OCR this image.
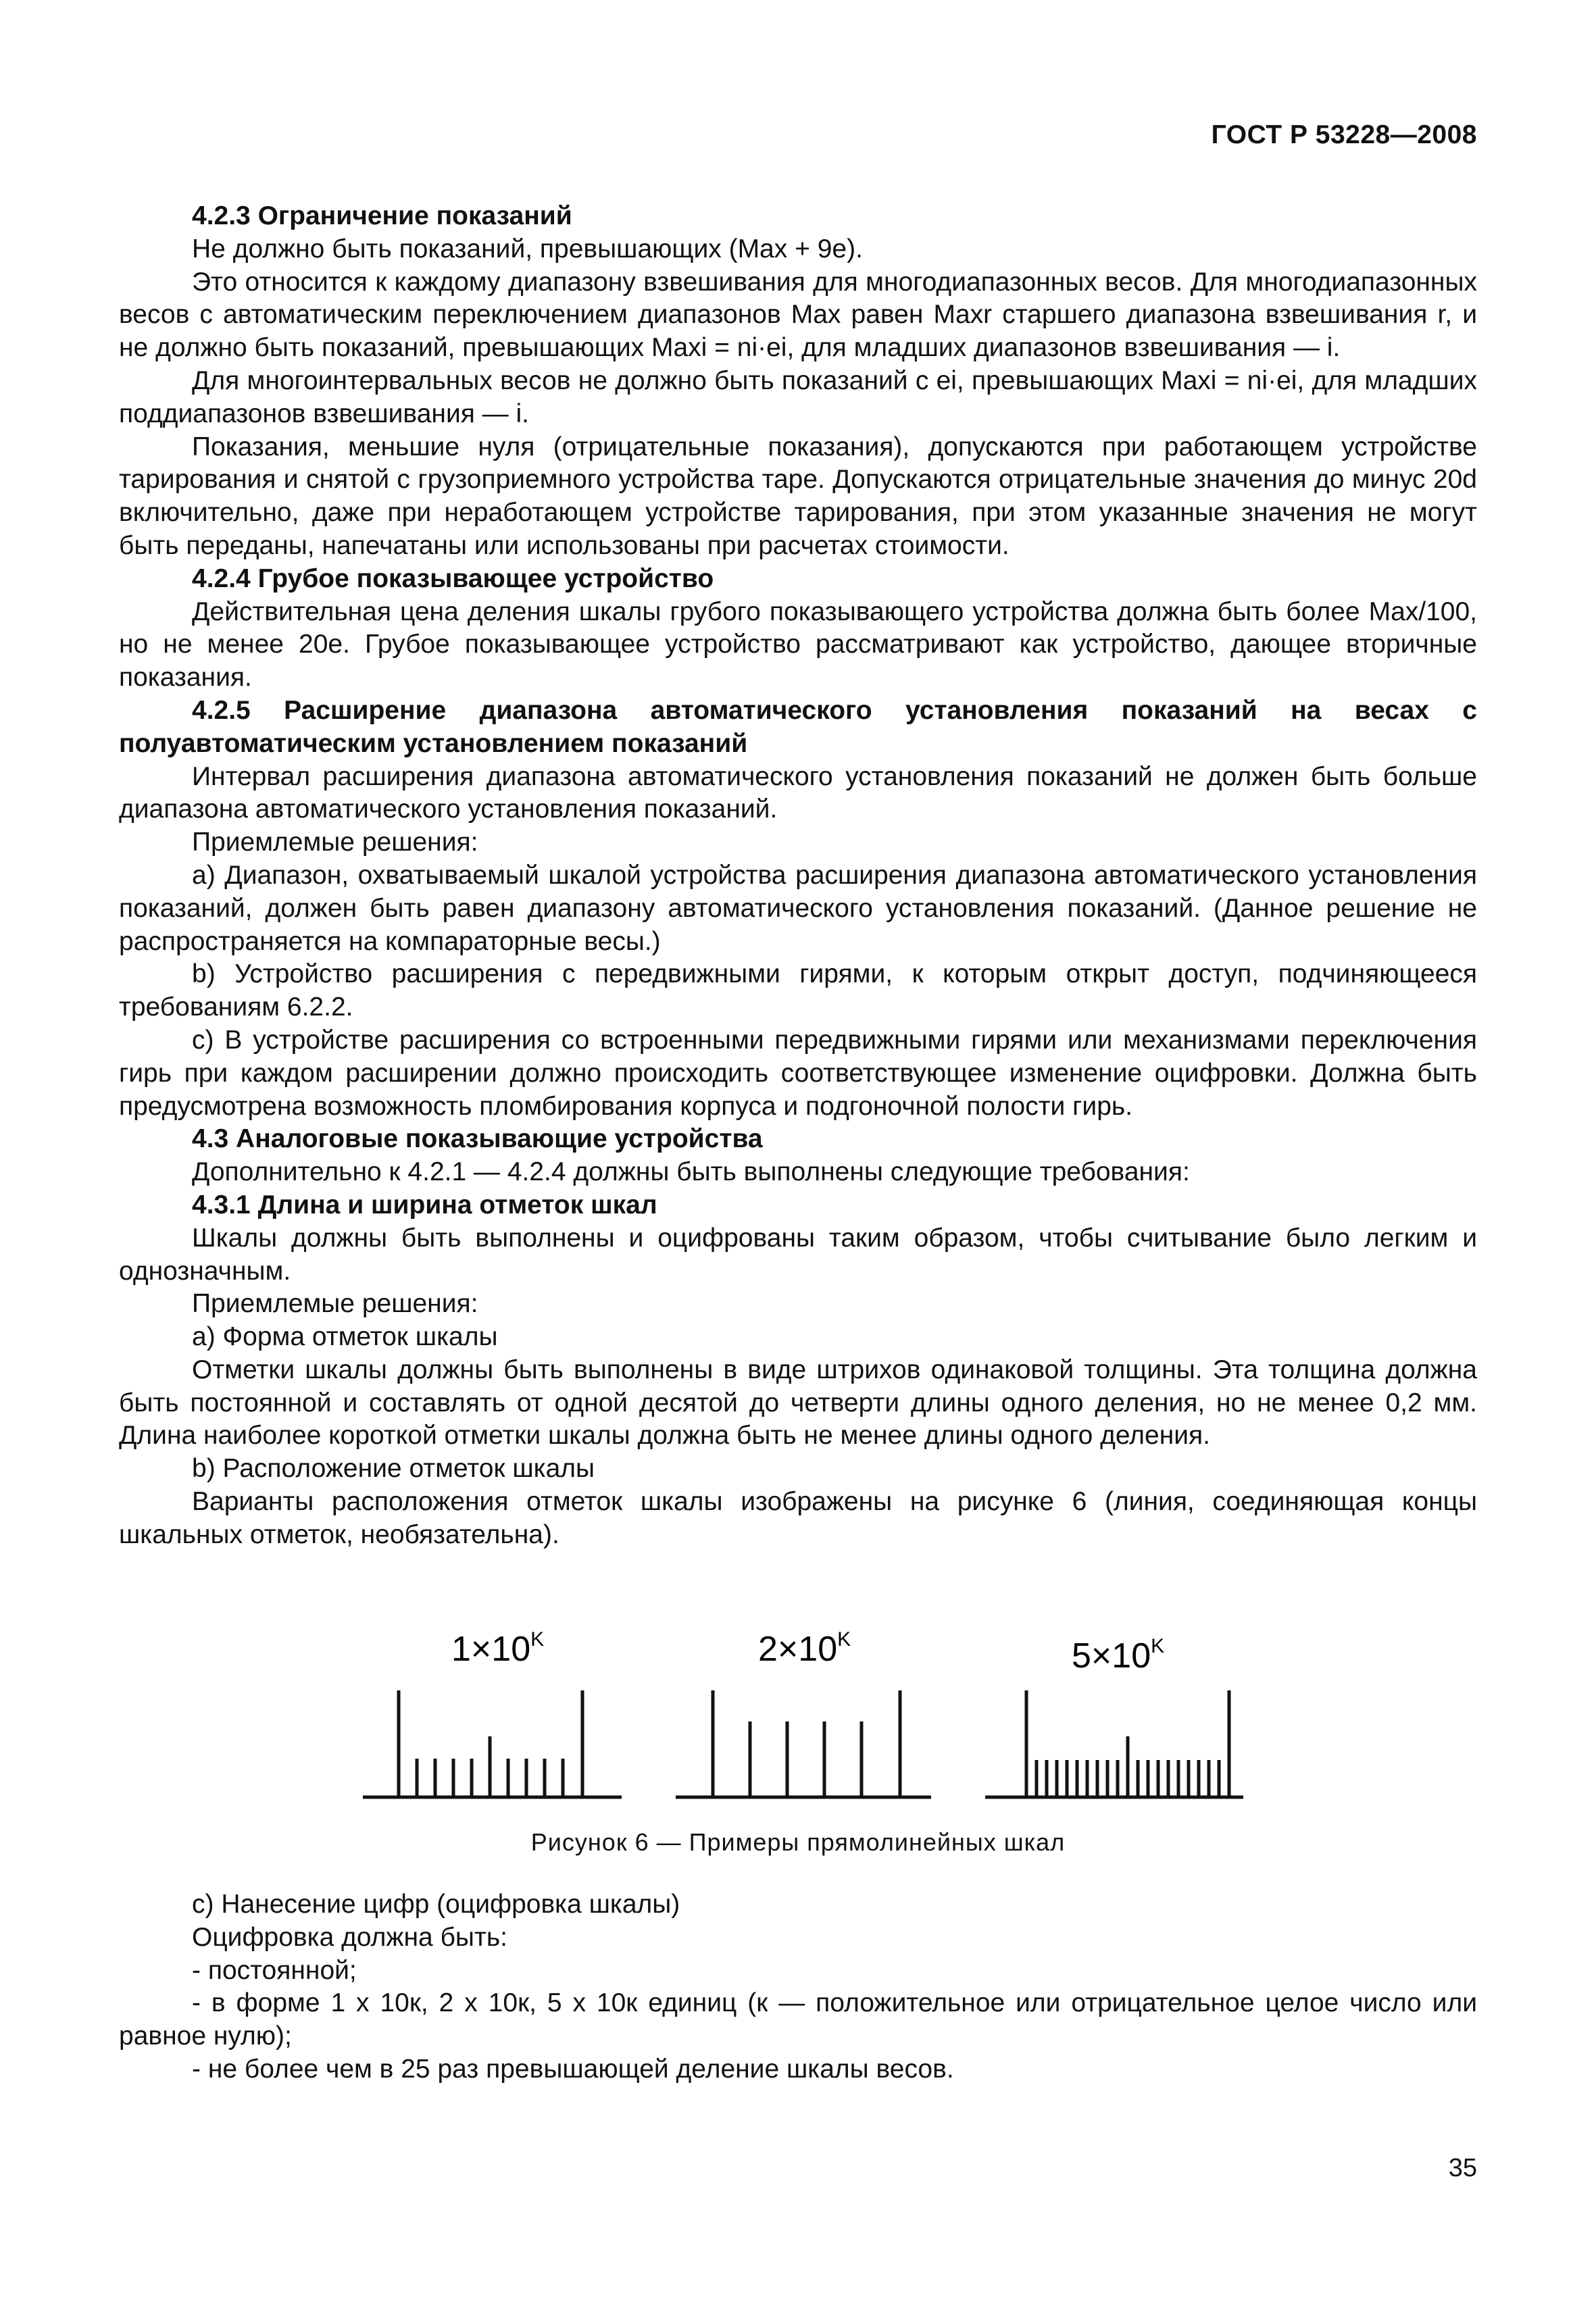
ГОСТ Р 53228—2008

4.2.3 Ограничение показаний

Не должно быть показаний, превышающих (Max + 9e).

Это относится к каждому диапазону взвешивания для многодиапазонных весов. Для многодиапазонных весов с автоматическим переключением диапазонов Max равен Maxr старшего диапазона взвешивания r, и не должно быть показаний, превышающих Maxi = ni·ei, для младших диапазонов взвешивания — i.

Для многоинтервальных весов не должно быть показаний с ei, превышающих Maxi = ni·ei, для младших поддиапазонов взвешивания — i.

Показания, меньшие нуля (отрицательные показания), допускаются при работающем устройстве тарирования и снятой с грузоприемного устройства таре. Допускаются отрицательные значения до минус 20d включительно, даже при неработающем устройстве тарирования, при этом указанные значения не могут быть переданы, напечатаны или использованы при расчетах стоимости.

4.2.4 Грубое показывающее устройство

Действительная цена деления шкалы грубого показывающего устройства должна быть более Max/100, но не менее 20e. Грубое показывающее устройство рассматривают как устройство, дающее вторичные показания.

4.2.5 Расширение диапазона автоматического установления показаний на весах с полуавтоматическим установлением показаний

Интервал расширения диапазона автоматического установления показаний не должен быть больше диапазона автоматического установления показаний.

Приемлемые решения:

а) Диапазон, охватываемый шкалой устройства расширения диапазона автоматического установления показаний, должен быть равен диапазону автоматического установления показаний. (Данное решение не распространяется на компараторные весы.)

b) Устройство расширения с передвижными гирями, к которым открыт доступ, подчиняющееся требованиям 6.2.2.

с) В устройстве расширения со встроенными передвижными гирями или механизмами переключения гирь при каждом расширении должно происходить соответствующее изменение оцифровки. Должна быть предусмотрена возможность пломбирования корпуса и подгоночной полости гирь.

4.3 Аналоговые показывающие устройства

Дополнительно к 4.2.1 — 4.2.4 должны быть выполнены следующие требования:

4.3.1 Длина и ширина отметок шкал

Шкалы должны быть выполнены и оцифрованы таким образом, чтобы считывание было легким и однозначным.

Приемлемые решения:

а) Форма отметок шкалы

Отметки шкалы должны быть выполнены в виде штрихов одинаковой толщины. Эта толщина должна быть постоянной и составлять от одной десятой до четверти длины одного деления, но не менее 0,2 мм. Длина наиболее короткой отметки шкалы должна быть не менее длины одного деления.

b) Расположение отметок шкалы

Варианты расположения отметок шкалы изображены на рисунке 6 (линия, соединяющая концы шкальных отметок, необязательна).

$1\times 10^K$	$2\times 10^K$	$5\times 10^K$
Рисунок 6 — Примеры прямолинейных шкал

с) Нанесение цифр (оцифровка шкалы)

Оцифровка должна быть:

- постоянной;

- в форме 1 х 10к, 2 х 10к, 5 х 10к единиц (к — положительное или отрицательное целое число или равное нулю);

- не более чем в 25 раз превышающей деление шкалы весов.

35
